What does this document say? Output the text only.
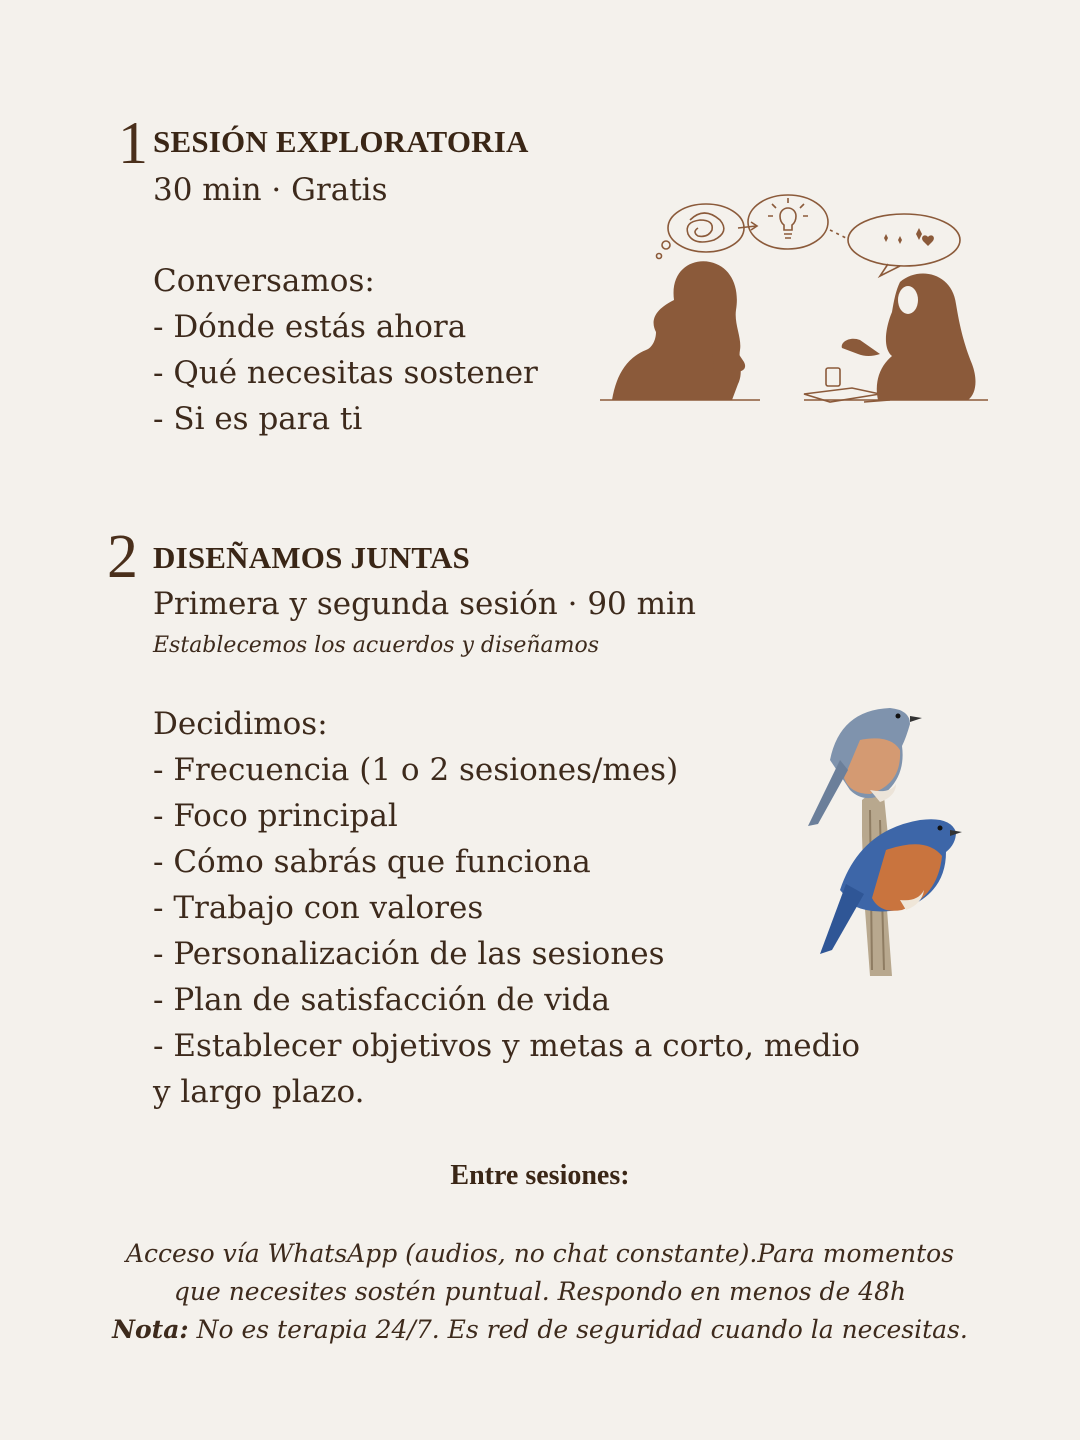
1 SESIÓN EXPLORATORIA
30 min · Gratis
Conversamos:
- Dónde estás ahora
- Qué necesitas sostener
- Si es para ti
2 DISEÑAMOS JUNTAS
Primera y segunda sesión · 90 min
Establecemos los acuerdos y diseñamos
Decidimos:
- Frecuencia (1 o 2 sesiones/mes)
- Foco principal
- Cómo sabrás que funciona
- Trabajo con valores
- Personalización de las sesiones
- Plan de satisfacción de vida
- Establecer objetivos y metas a corto, medio
y largo plazo.
Entre sesiones:
Acceso vía WhatsApp (audios, no chat constante).Para momentos
que necesites sostén puntual. Respondo en menos de 48h
Nota: No es terapia 24/7. Es red de seguridad cuando la necesitas.
